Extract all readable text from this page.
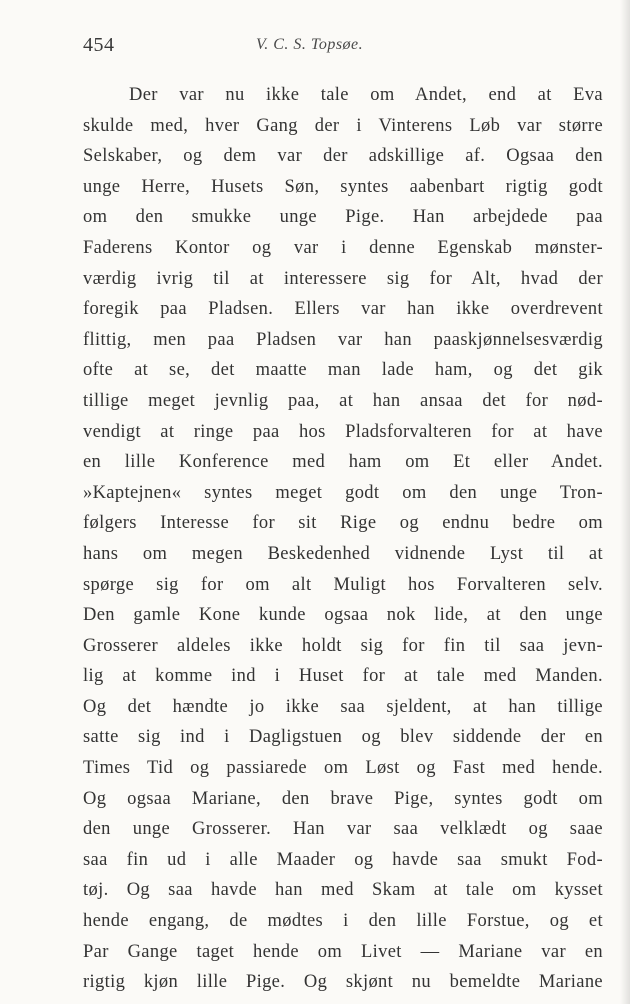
454	V. C. S. Topsøe.
Der var nu ikke tale om Andet, end at Eva
skulde med, hver Gang der i Vinterens Løb var større
Selskaber, og dem var der adskillige af. Ogsaa den
unge Herre, Husets Søn, syntes aabenbart rigtig godt
om den smukke unge Pige. Han arbejdede paa
Faderens Kontor og var i denne Egenskab mønster-
værdig ivrig til at interessere sig for Alt, hvad der
foregik paa Pladsen. Ellers var han ikke overdrevent
flittig, men paa Pladsen var han paaskjønnelsesværdig
ofte at se, det maatte man lade ham, og det gik
tillige meget jevnlig paa, at han ansaa det for nød-
vendigt at ringe paa hos Pladsforvalteren for at have
en lille Konference med ham om Et eller Andet.
»Kaptejnen« syntes meget godt om den unge Tron-
følgers Interesse for sit Rige og endnu bedre om
hans om megen Beskedenhed vidnende Lyst til at
spørge sig for om alt Muligt hos Forvalteren selv.
Den gamle Kone kunde ogsaa nok lide, at den unge
Grosserer aldeles ikke holdt sig for fin til saa jevn-
lig at komme ind i Huset for at tale med Manden.
Og det hændte jo ikke saa sjeldent, at han tillige
satte sig ind i Dagligstuen og blev siddende der en
Times Tid og passiarede om Løst og Fast med hende.
Og ogsaa Mariane, den brave Pige, syntes godt om
den unge Grosserer. Han var saa velklædt og saae
saa fin ud i alle Maader og havde saa smukt Fod-
tøj. Og saa havde han med Skam at tale om kysset
hende engang, de mødtes i den lille Forstue, og et
Par Gange taget hende om Livet — Mariane var en
rigtig kjøn lille Pige. Og skjønt nu bemeldte Mariane
